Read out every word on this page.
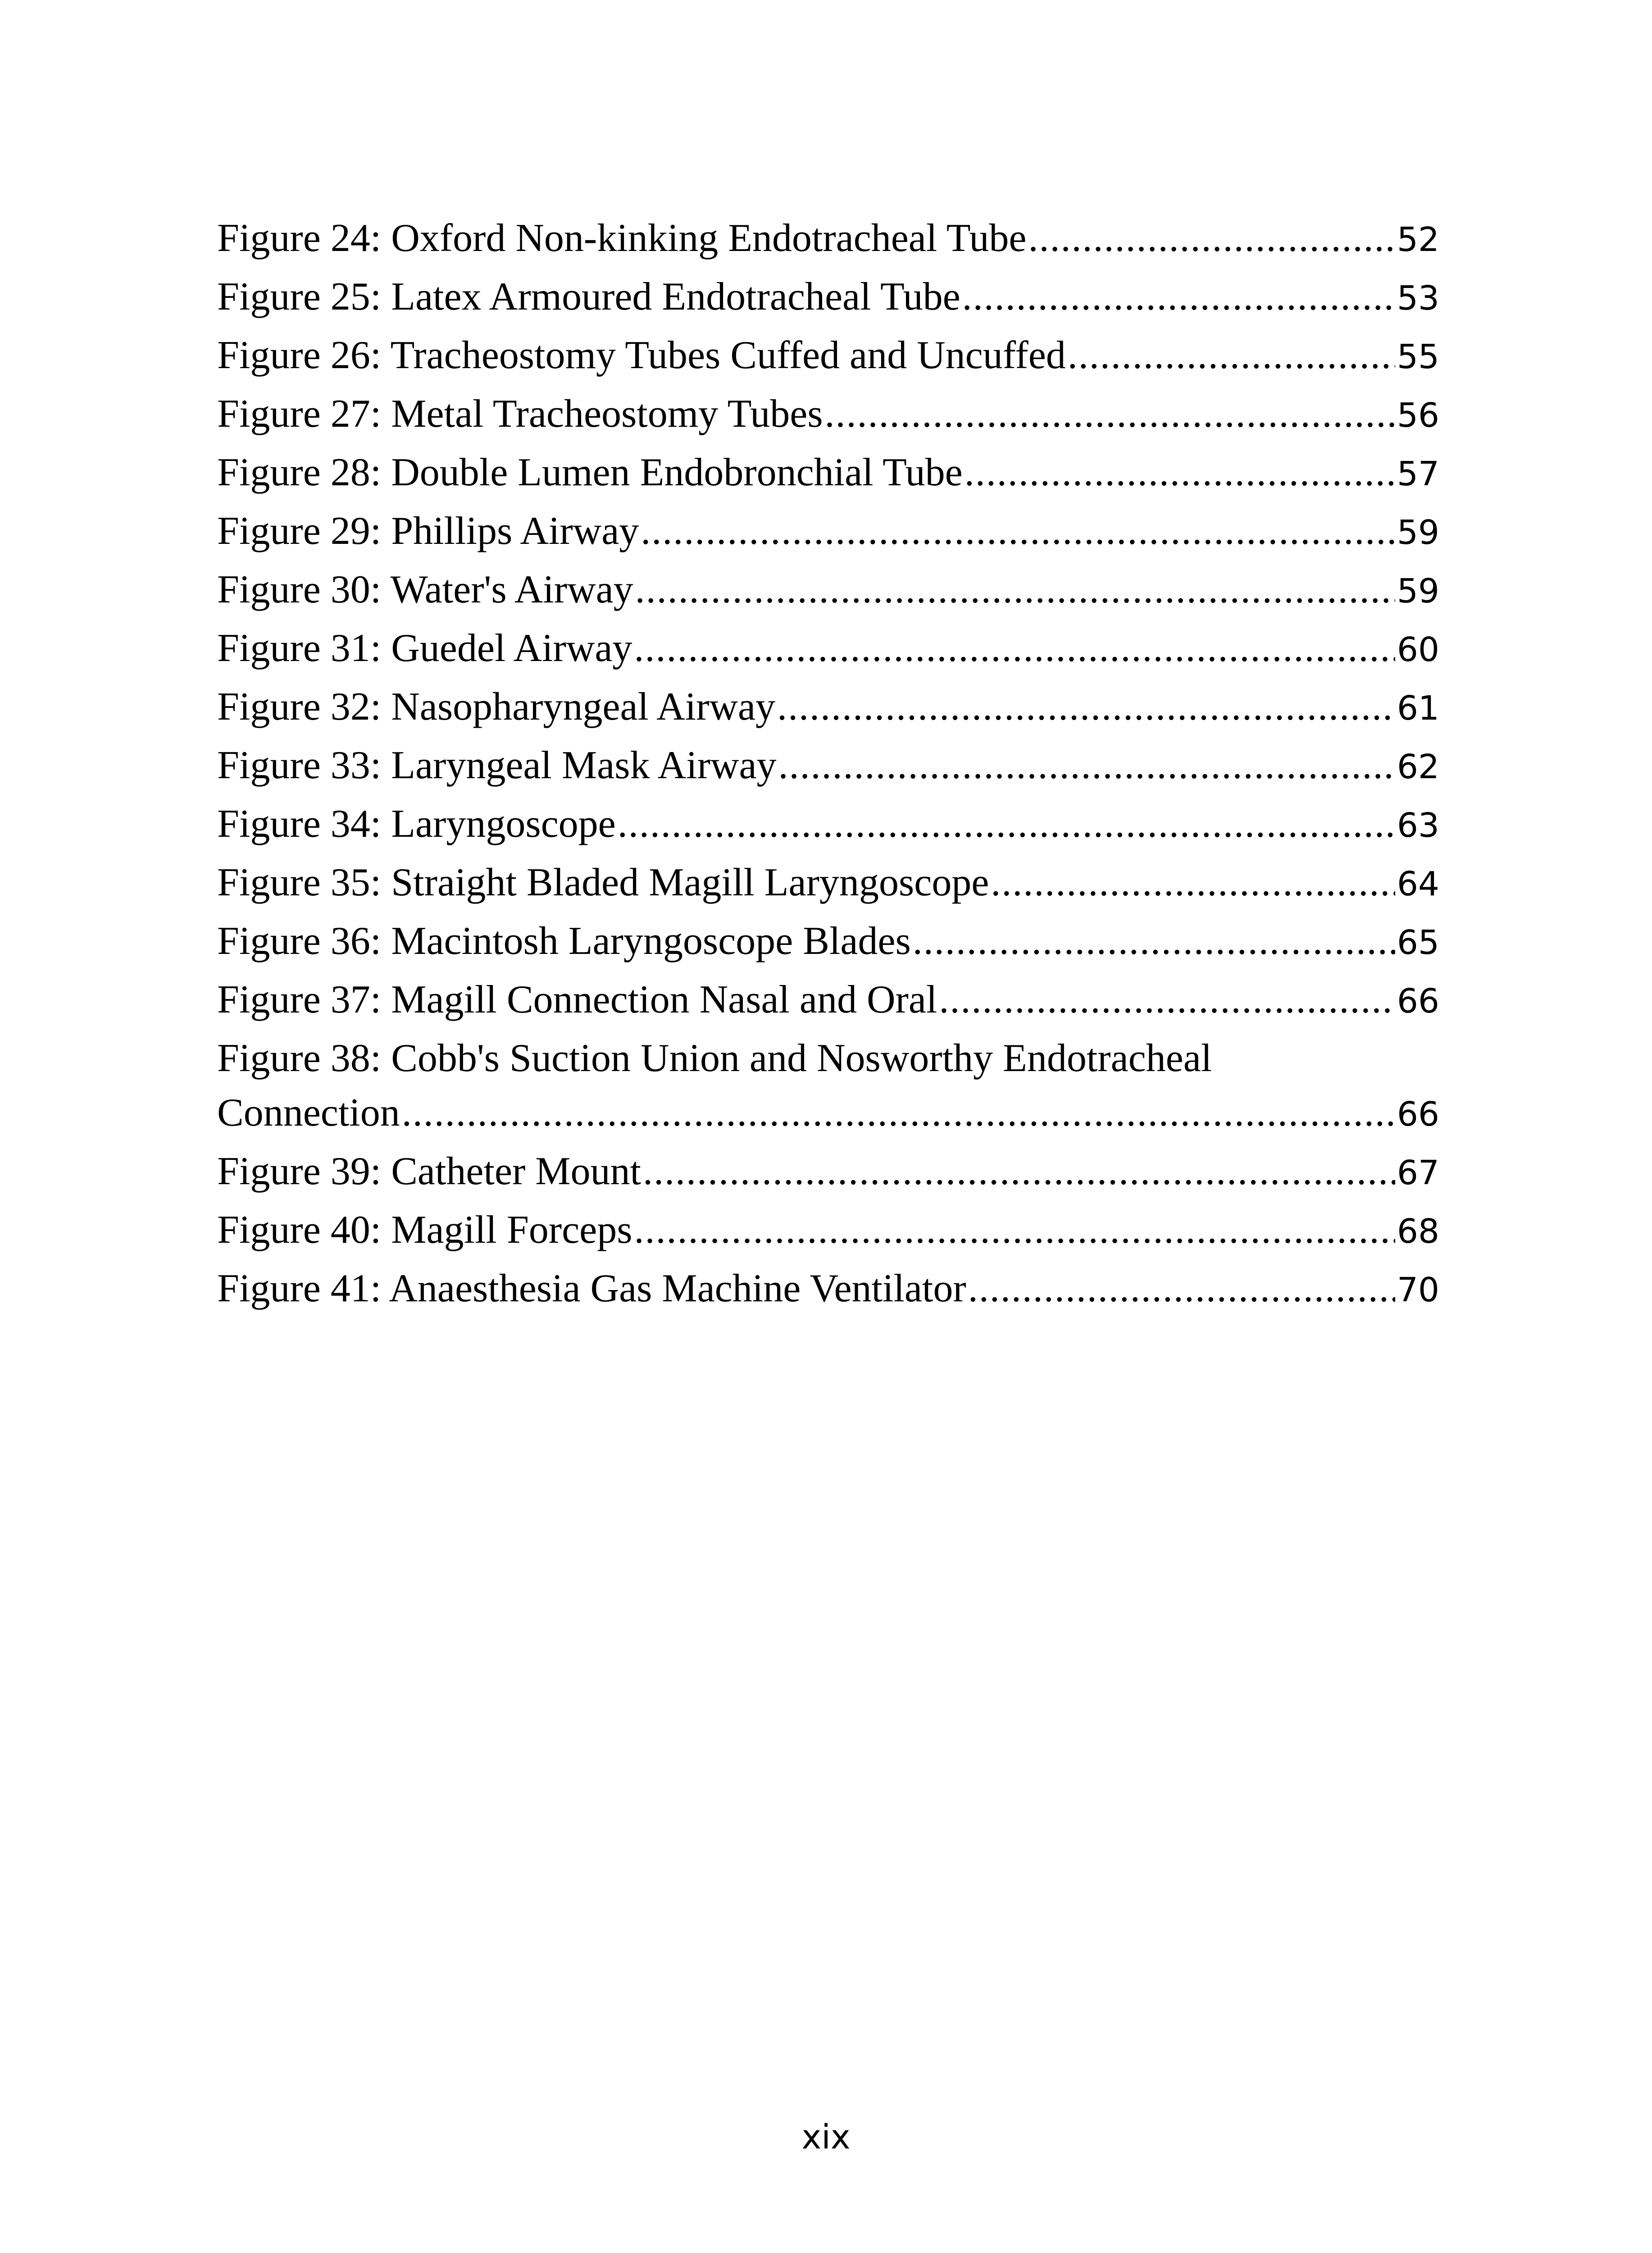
Figure 24: Oxford Non-kinking Endotracheal Tube .....	52
Figure 25: Latex Armoured Endotracheal Tube .....	53
Figure 26: Tracheostomy Tubes Cuffed and Uncuffed .....	55
Figure 27: Metal Tracheostomy Tubes .....	56
Figure 28: Double Lumen Endobronchial Tube .....	57
Figure 29: Phillips Airway .....	59
Figure 30: Water's Airway .....	59
Figure 31: Guedel Airway .....	60
Figure 32: Nasopharyngeal Airway .....	61
Figure 33: Laryngeal Mask Airway .....	62
Figure 34: Laryngoscope .....	63
Figure 35: Straight Bladed Magill Laryngoscope .....	64
Figure 36: Macintosh Laryngoscope Blades .....	65
Figure 37: Magill Connection Nasal and Oral .....	66
Figure 38: Cobb's Suction Union and Nosworthy Endotracheal
Connection .....	66
Figure 39: Catheter Mount .....	67
Figure 40: Magill Forceps .....	68
Figure 41: Anaesthesia Gas Machine Ventilator .....	70
xix
